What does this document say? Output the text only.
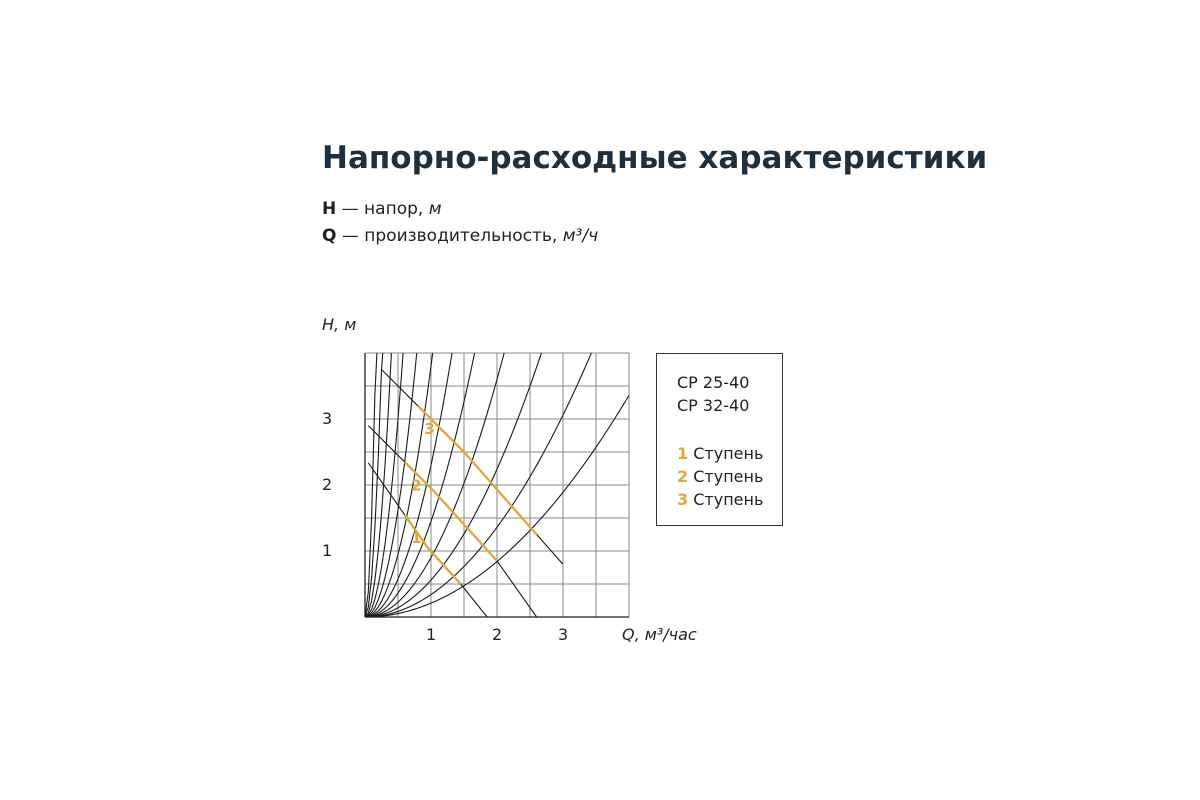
Напорно-расходные характеристики
H — напор, м
Q — производительность, м³/ч
H, м
Q, м³/час
1
2
3
1	2	3
1
2
3
CP 25-40
CP 32-40
1 Ступень
2 Ступень
3 Ступень
